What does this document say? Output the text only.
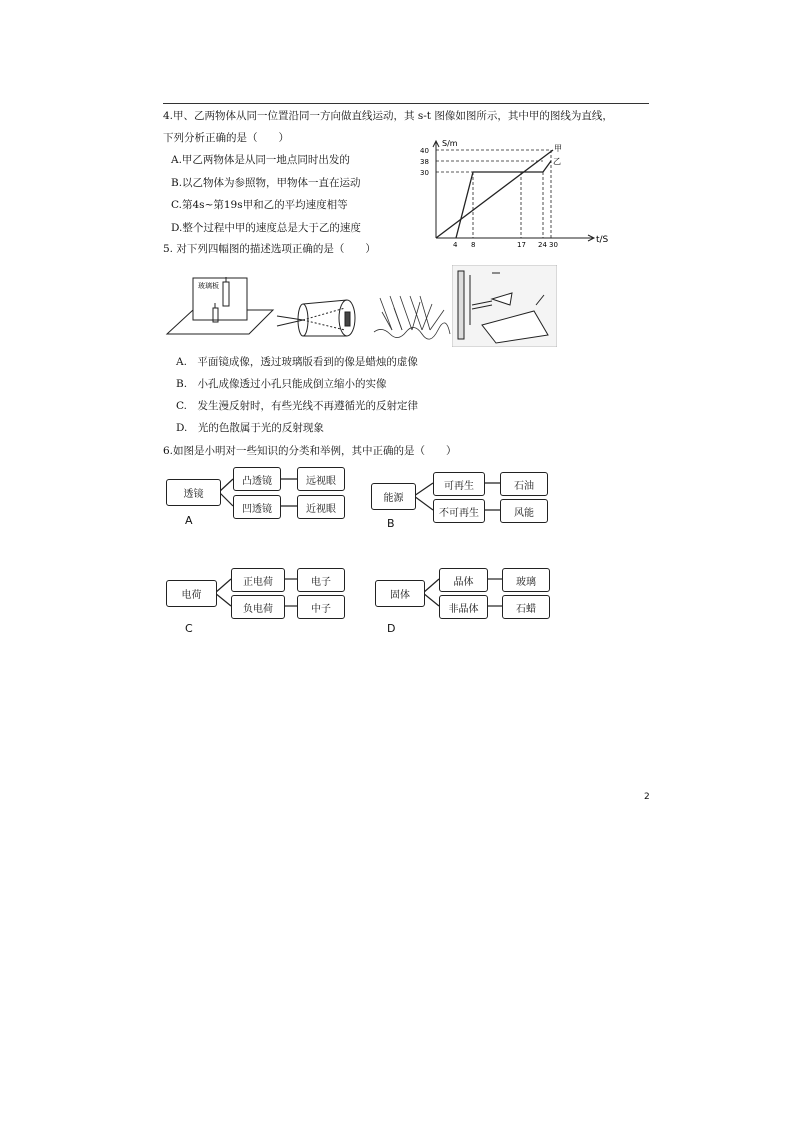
4.甲、乙两物体从同一位置沿同一方向做直线运动，其 s-t 图像如图所示，其中甲的图线为直线，
下列分析正确的是（　　）
A.甲乙两物体是从同一地点同时出发的
B.以乙物体为参照物，甲物体一直在运动
C.第4s~第19s甲和乙的平均速度相等
D.整个过程中甲的速度总是大于乙的速度
S/m
t/S
40
38
30
4 8	17 24 30
甲
乙
5. 对下列四幅图的描述选项正确的是（　　）
玻璃板
A.　平面镜成像，透过玻璃版看到的像是蜡烛的虚像
B.　小孔成像透过小孔只能成倒立缩小的实像
C.　发生漫反射时，有些光线不再遵循光的反射定律
D.　光的色散属于光的反射现象
6.如图是小明对一些知识的分类和举例，其中正确的是（　　）
透镜
凸透镜
凹透镜
远视眼
近视眼
A
能源
可再生
不可再生
石油
风能
B
电荷
正电荷
负电荷
电子
中子
C
固体
晶体
非晶体
玻璃
石蜡
D
2
